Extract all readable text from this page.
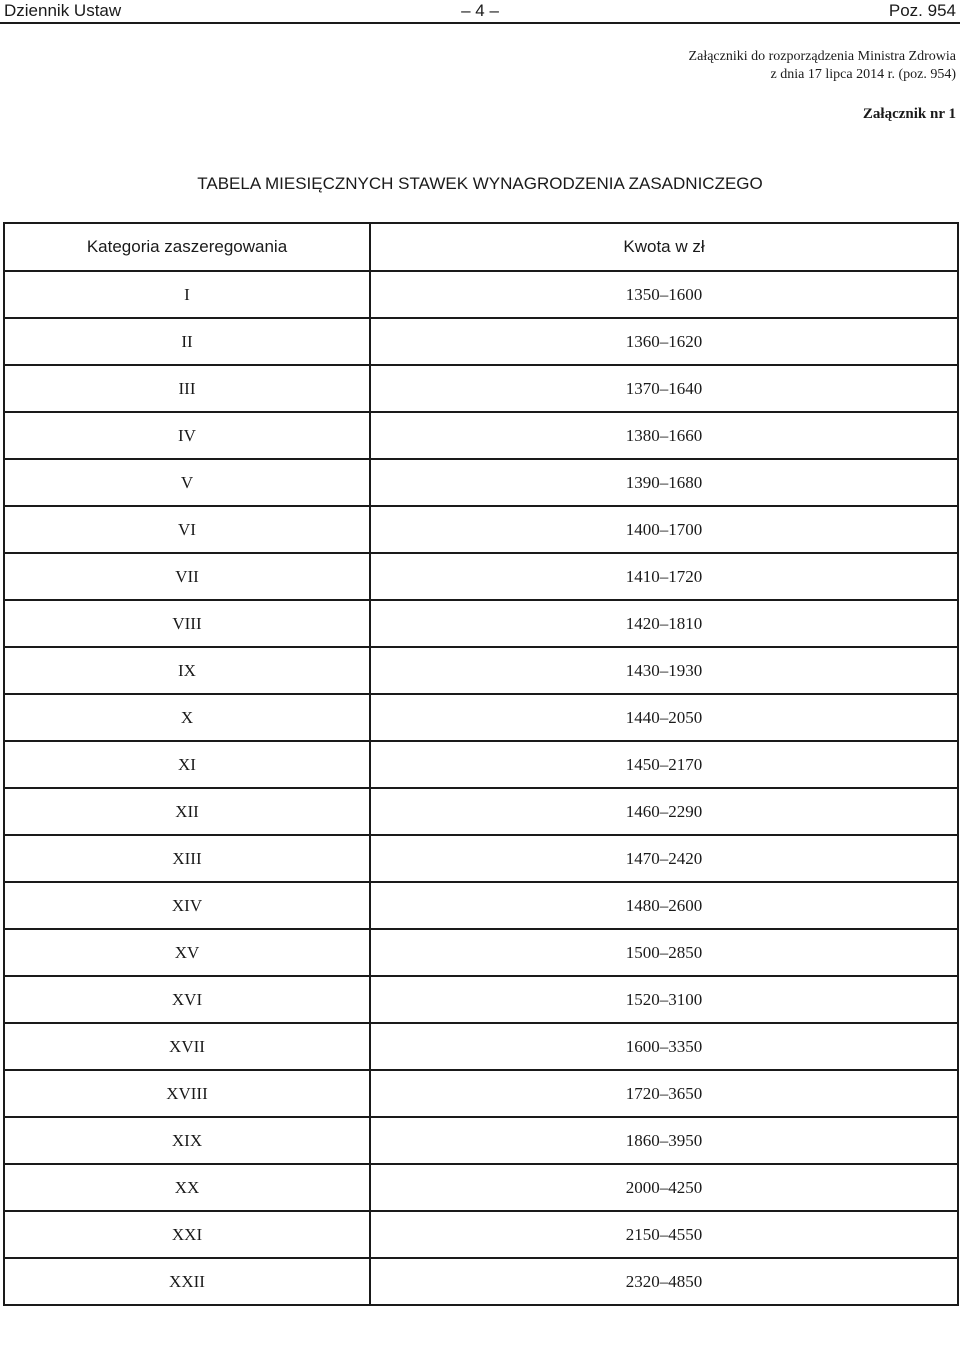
Dziennik Ustaw	– 4 –	Poz. 954
Załączniki do rozporządzenia Ministra Zdrowia
z dnia 17 lipca 2014 r. (poz. 954)
Załącznik nr 1
TABELA MIESIĘCZNYCH STAWEK WYNAGRODZENIA ZASADNICZEGO
Kategoria zaszeregowania	Kwota w zł
I	1350–1600
II	1360–1620
III	1370–1640
IV	1380–1660
V	1390–1680
VI	1400–1700
VII	1410–1720
VIII	1420–1810
IX	1430–1930
X	1440–2050
XI	1450–2170
XII	1460–2290
XIII	1470–2420
XIV	1480–2600
XV	1500–2850
XVI	1520–3100
XVII	1600–3350
XVIII	1720–3650
XIX	1860–3950
XX	2000–4250
XXI	2150–4550
XXII	2320–4850
